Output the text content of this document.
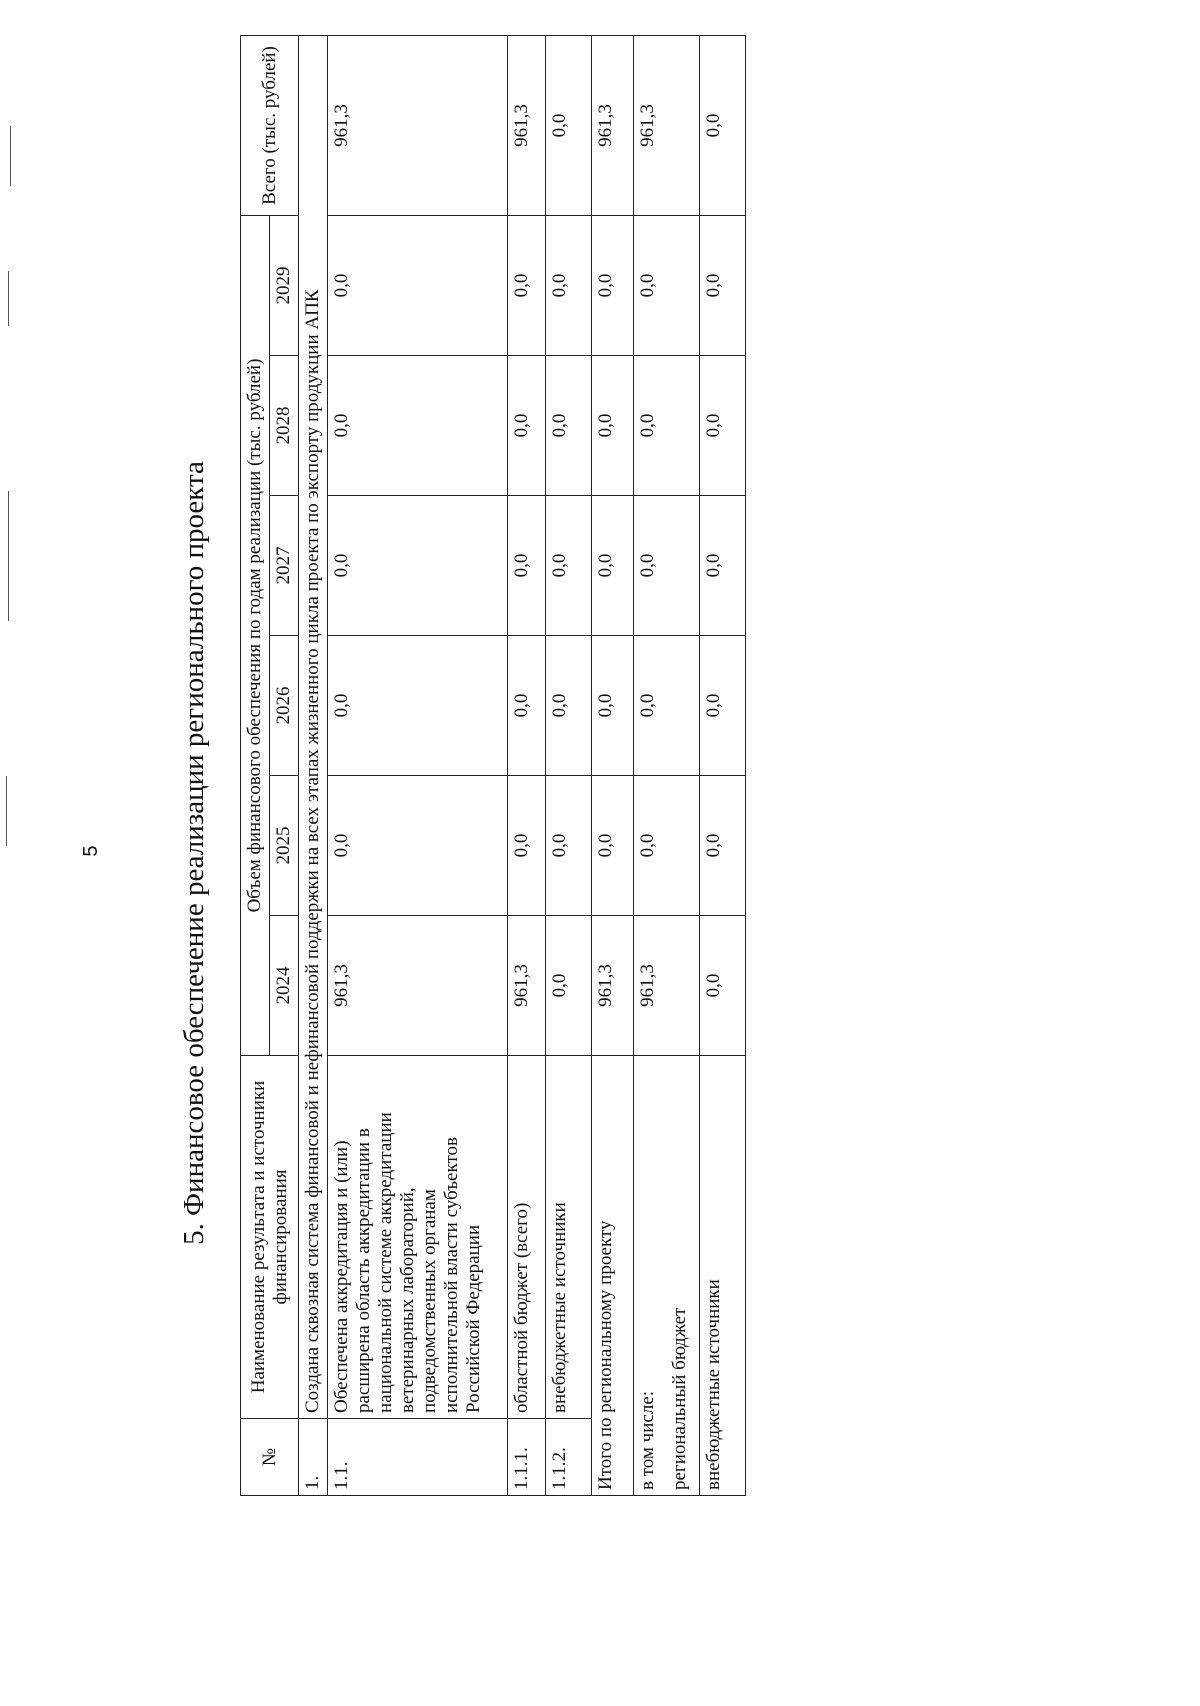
5	5. Финансовое обеспечение реализации регионального проекта
№	Наименование результата и источники финансирования	Объем финансового обеспечения по годам реализации (тыс. рублей)						Всего (тыс. рублей)
		2024	2025	2026	2027	2028	2029	
1.	Создана сквозная система финансовой и нефинансовой поддержки на всех этапах жизненного цикла проекта по экспорту продукции АПК							
1.1.	Обеспечена аккредитация и (или) расширена область аккредитации в национальной системе аккредитации ветеринарных лабораторий, подведомственных органам исполнительной власти субъектов Российской Федерации	961,3	0,0	0,0	0,0	0,0	0,0	961,3
1.1.1.	областной бюджет (всего)	961,3	0,0	0,0	0,0	0,0	0,0	961,3
1.1.2.	внебюджетные источники	0,0	0,0	0,0	0,0	0,0	0,0	0,0
Итого по региональному проекту		961,3	0,0	0,0	0,0	0,0	0,0	961,3

в том числе: региональный бюджет		961,3	0,0	0,0	0,0	0,0	0,0	961,3
внебюджетные источники		0,0	0,0	0,0	0,0	0,0	0,0	0,0
